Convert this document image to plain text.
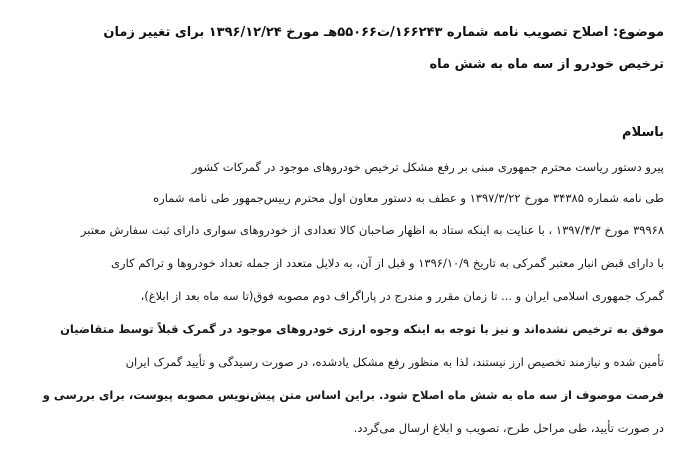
موضوع: اصلاح تصویب نامه شماره ۱۶۶۲۴۳/ت۵۵۰۶۶هـ مورخ ۱۳۹۶/۱۲/۲۴ برای تغییر زمان
ترخیص خودرو از سه ماه به شش ماه
باسلام
پیرو دستور ریاست محترم جمهوری مبنی بر رفع مشکل ترخیص خودروهای موجود در گمرکات کشور
طی نامه شماره ۳۴۳۸۵ مورخ ۱۳۹۷/۳/۲۲ و عطف به دستور معاون اول محترم رییس‌جمهور طی نامه شماره
۳۹۹۶۸ مورخ ۱۳۹۷/۴/۳ ، با عنایت به اینکه ستاد به اظهار صاحبان کالا تعدادی از خودروهای سواری دارای ثبت سفارش معتبر
با دارای قبض انبار معتبر گمرکی به تاریخ ۱۳۹۶/۱۰/۹ و قبل از آن، به دلایل متعدد از جمله تعداد خودروها و تراکم کاری
گمرک جمهوری اسلامی ایران و ... تا زمان مقرر و مندرج در پاراگراف دوم مصوبه فوق(تا سه ماه بعد از ابلاغ)،
موفق به ترخیص نشده‌اند و نیز با توجه به اینکه وجوه ارزی خودروهای موجود در گمرک قبلاً توسط متقاضیان
تأمین شده و نیازمند تخصیص ارز نیستند، لذا به منظور رفع مشکل یادشده، در صورت رسیدگی و تأیید گمرک ایران
فرصت موصوف از سه ماه به شش ماه اصلاح شود. براین اساس متن پیش‌نویس مصوبه پیوست، برای بررسی و
در صورت تأیید، طی مراحل طرح، تصویب و ابلاغ ارسال می‌گردد.
